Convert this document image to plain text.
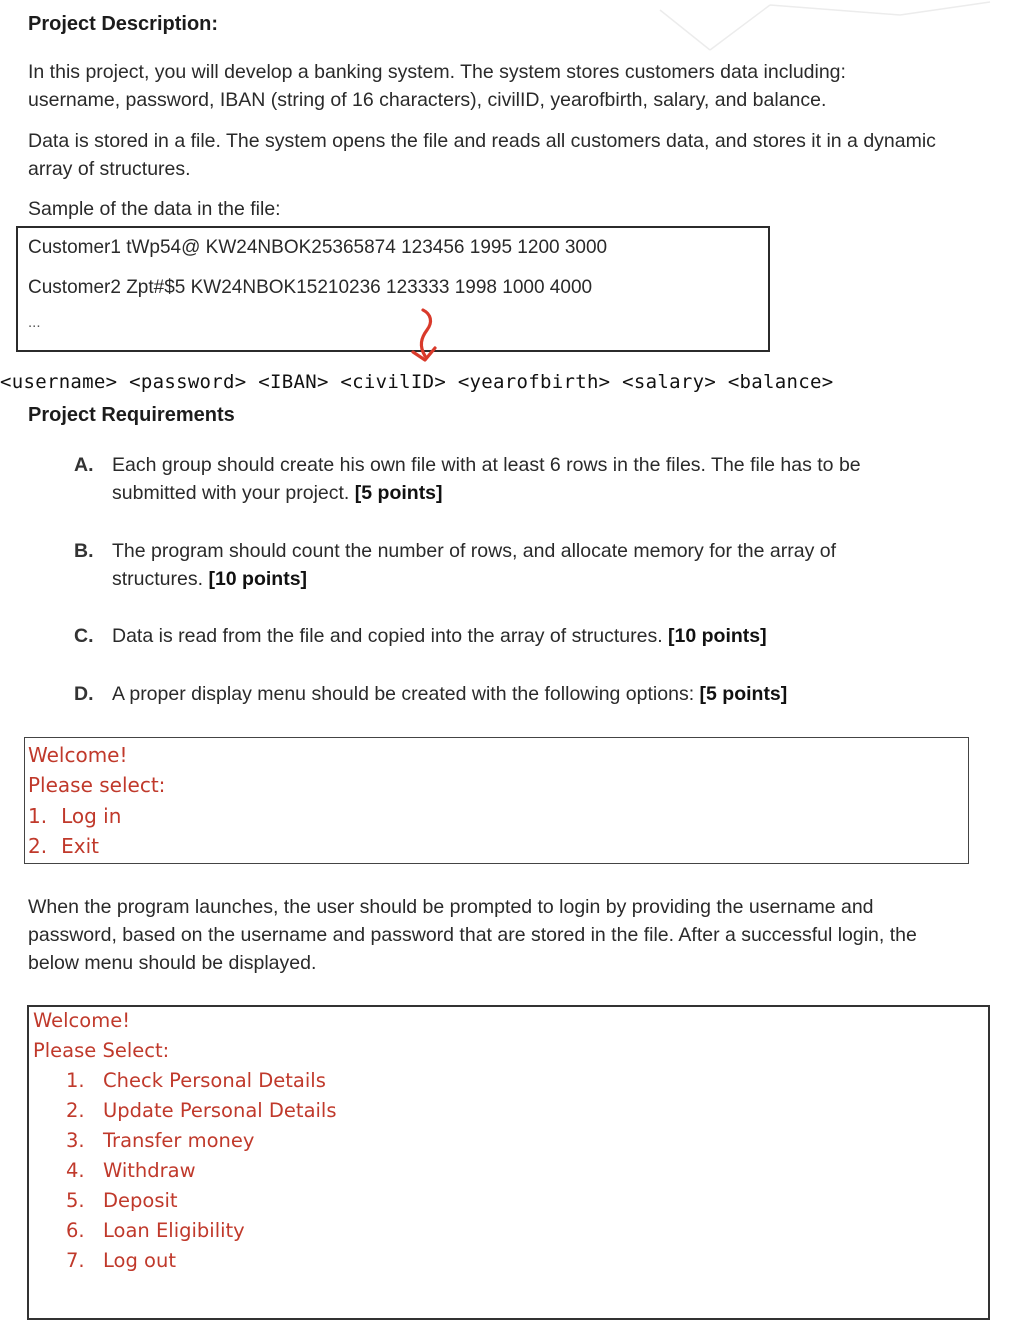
Project Description:
In this project, you will develop a banking system. The system stores customers data including:
username, password, IBAN (string of 16 characters), civilID, yearofbirth, salary, and balance.
Data is stored in a file. The system opens the file and reads all customers data, and stores it in a dynamic
array of structures.
Sample of the data in the file:
Customer1 tWp54@ KW24NBOK25365874 123456 1995 1200 3000
Customer2 Zpt#$5 KW24NBOK15210236 123333 1998 1000 4000
...
<username> <password> <IBAN> <civilID> <yearofbirth> <salary> <balance>
Project Requirements
A. Each group should create his own file with at least 6 rows in the files. The file has to be
submitted with your project. [5 points]
B. The program should count the number of rows, and allocate memory for the array of
structures. [10 points]
C. Data is read from the file and copied into the array of structures. [10 points]
D. A proper display menu should be created with the following options: [5 points]
Welcome!
Please select:
1. Log in
2. Exit
When the program launches, the user should be prompted to login by providing the username and
password, based on the username and password that are stored in the file. After a successful login, the
below menu should be displayed.
Welcome!
Please Select:
1. Check Personal Details
2. Update Personal Details
3. Transfer money
4. Withdraw
5. Deposit
6. Loan Eligibility
7. Log out
